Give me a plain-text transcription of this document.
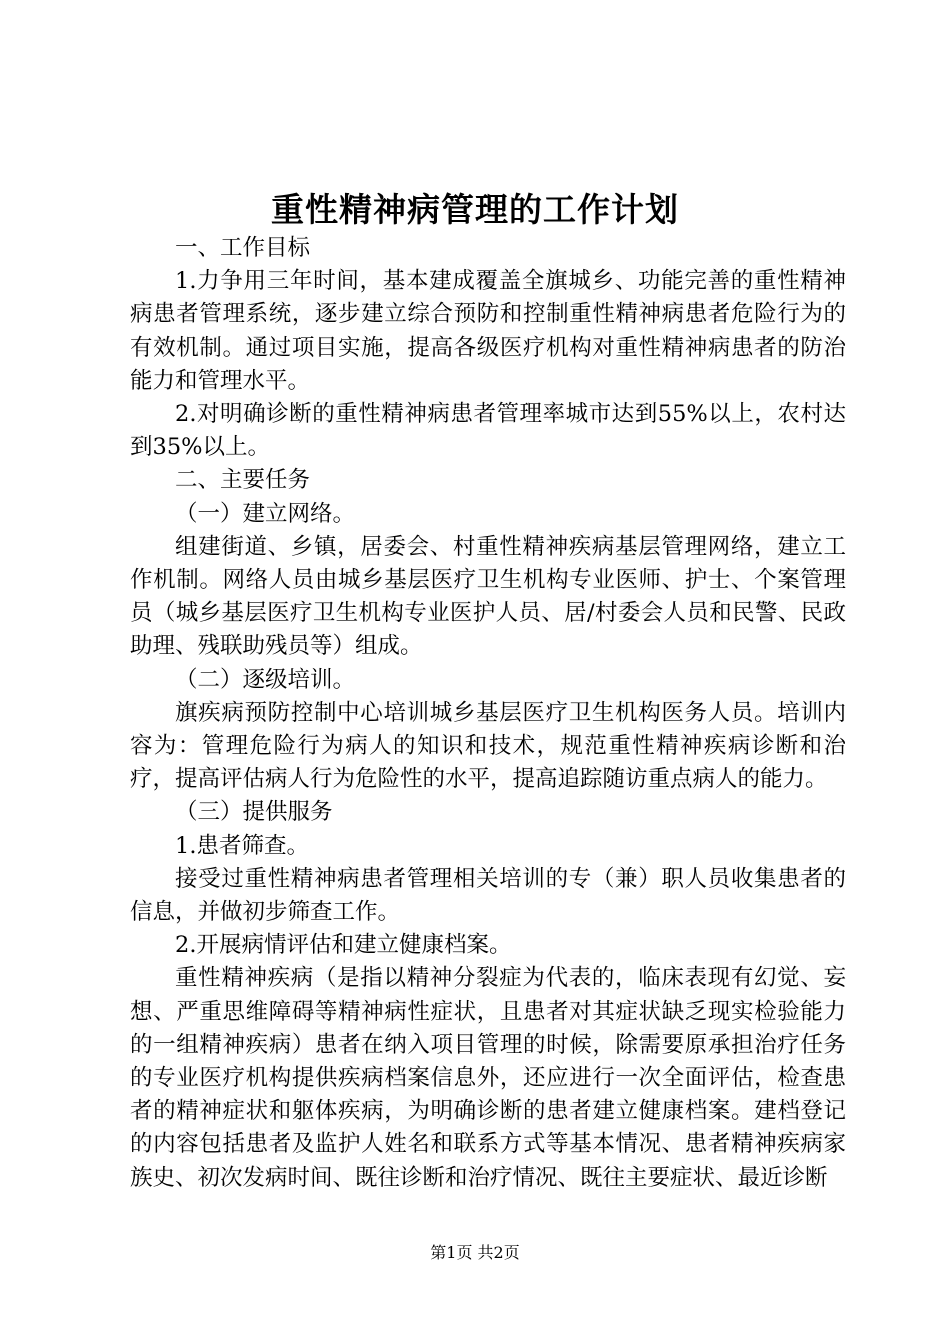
重性精神病管理的工作计划

一、工作目标

1.力争用三年时间，基本建成覆盖全旗城乡、功能完善的重性精神病患者管理系统，逐步建立综合预防和控制重性精神病患者危险行为的有效机制。通过项目实施，提高各级医疗机构对重性精神病患者的防治能力和管理水平。

2.对明确诊断的重性精神病患者管理率城市达到55%以上，农村达到35%以上。

二、主要任务

（一）建立网络。

组建街道、乡镇，居委会、村重性精神疾病基层管理网络，建立工作机制。网络人员由城乡基层医疗卫生机构专业医师、护士、个案管理员（城乡基层医疗卫生机构专业医护人员、居/村委会人员和民警、民政助理、残联助残员等）组成。

（二）逐级培训。

旗疾病预防控制中心培训城乡基层医疗卫生机构医务人员。培训内容为：管理危险行为病人的知识和技术，规范重性精神疾病诊断和治疗，提高评估病人行为危险性的水平，提高追踪随访重点病人的能力。

（三）提供服务

1.患者筛查。

接受过重性精神病患者管理相关培训的专（兼）职人员收集患者的信息，并做初步筛查工作。

2.开展病情评估和建立健康档案。

重性精神疾病（是指以精神分裂症为代表的，临床表现有幻觉、妄想、严重思维障碍等精神病性症状，且患者对其症状缺乏现实检验能力的一组精神疾病）患者在纳入项目管理的时候，除需要原承担治疗任务的专业医疗机构提供疾病档案信息外，还应进行一次全面评估，检查患者的精神症状和躯体疾病，为明确诊断的患者建立健康档案。建档登记的内容包括患者及监护人姓名和联系方式等基本情况、患者精神疾病家族史、初次发病时间、既往诊断和治疗情况、既往主要症状、最近诊断

第1页 共2页
